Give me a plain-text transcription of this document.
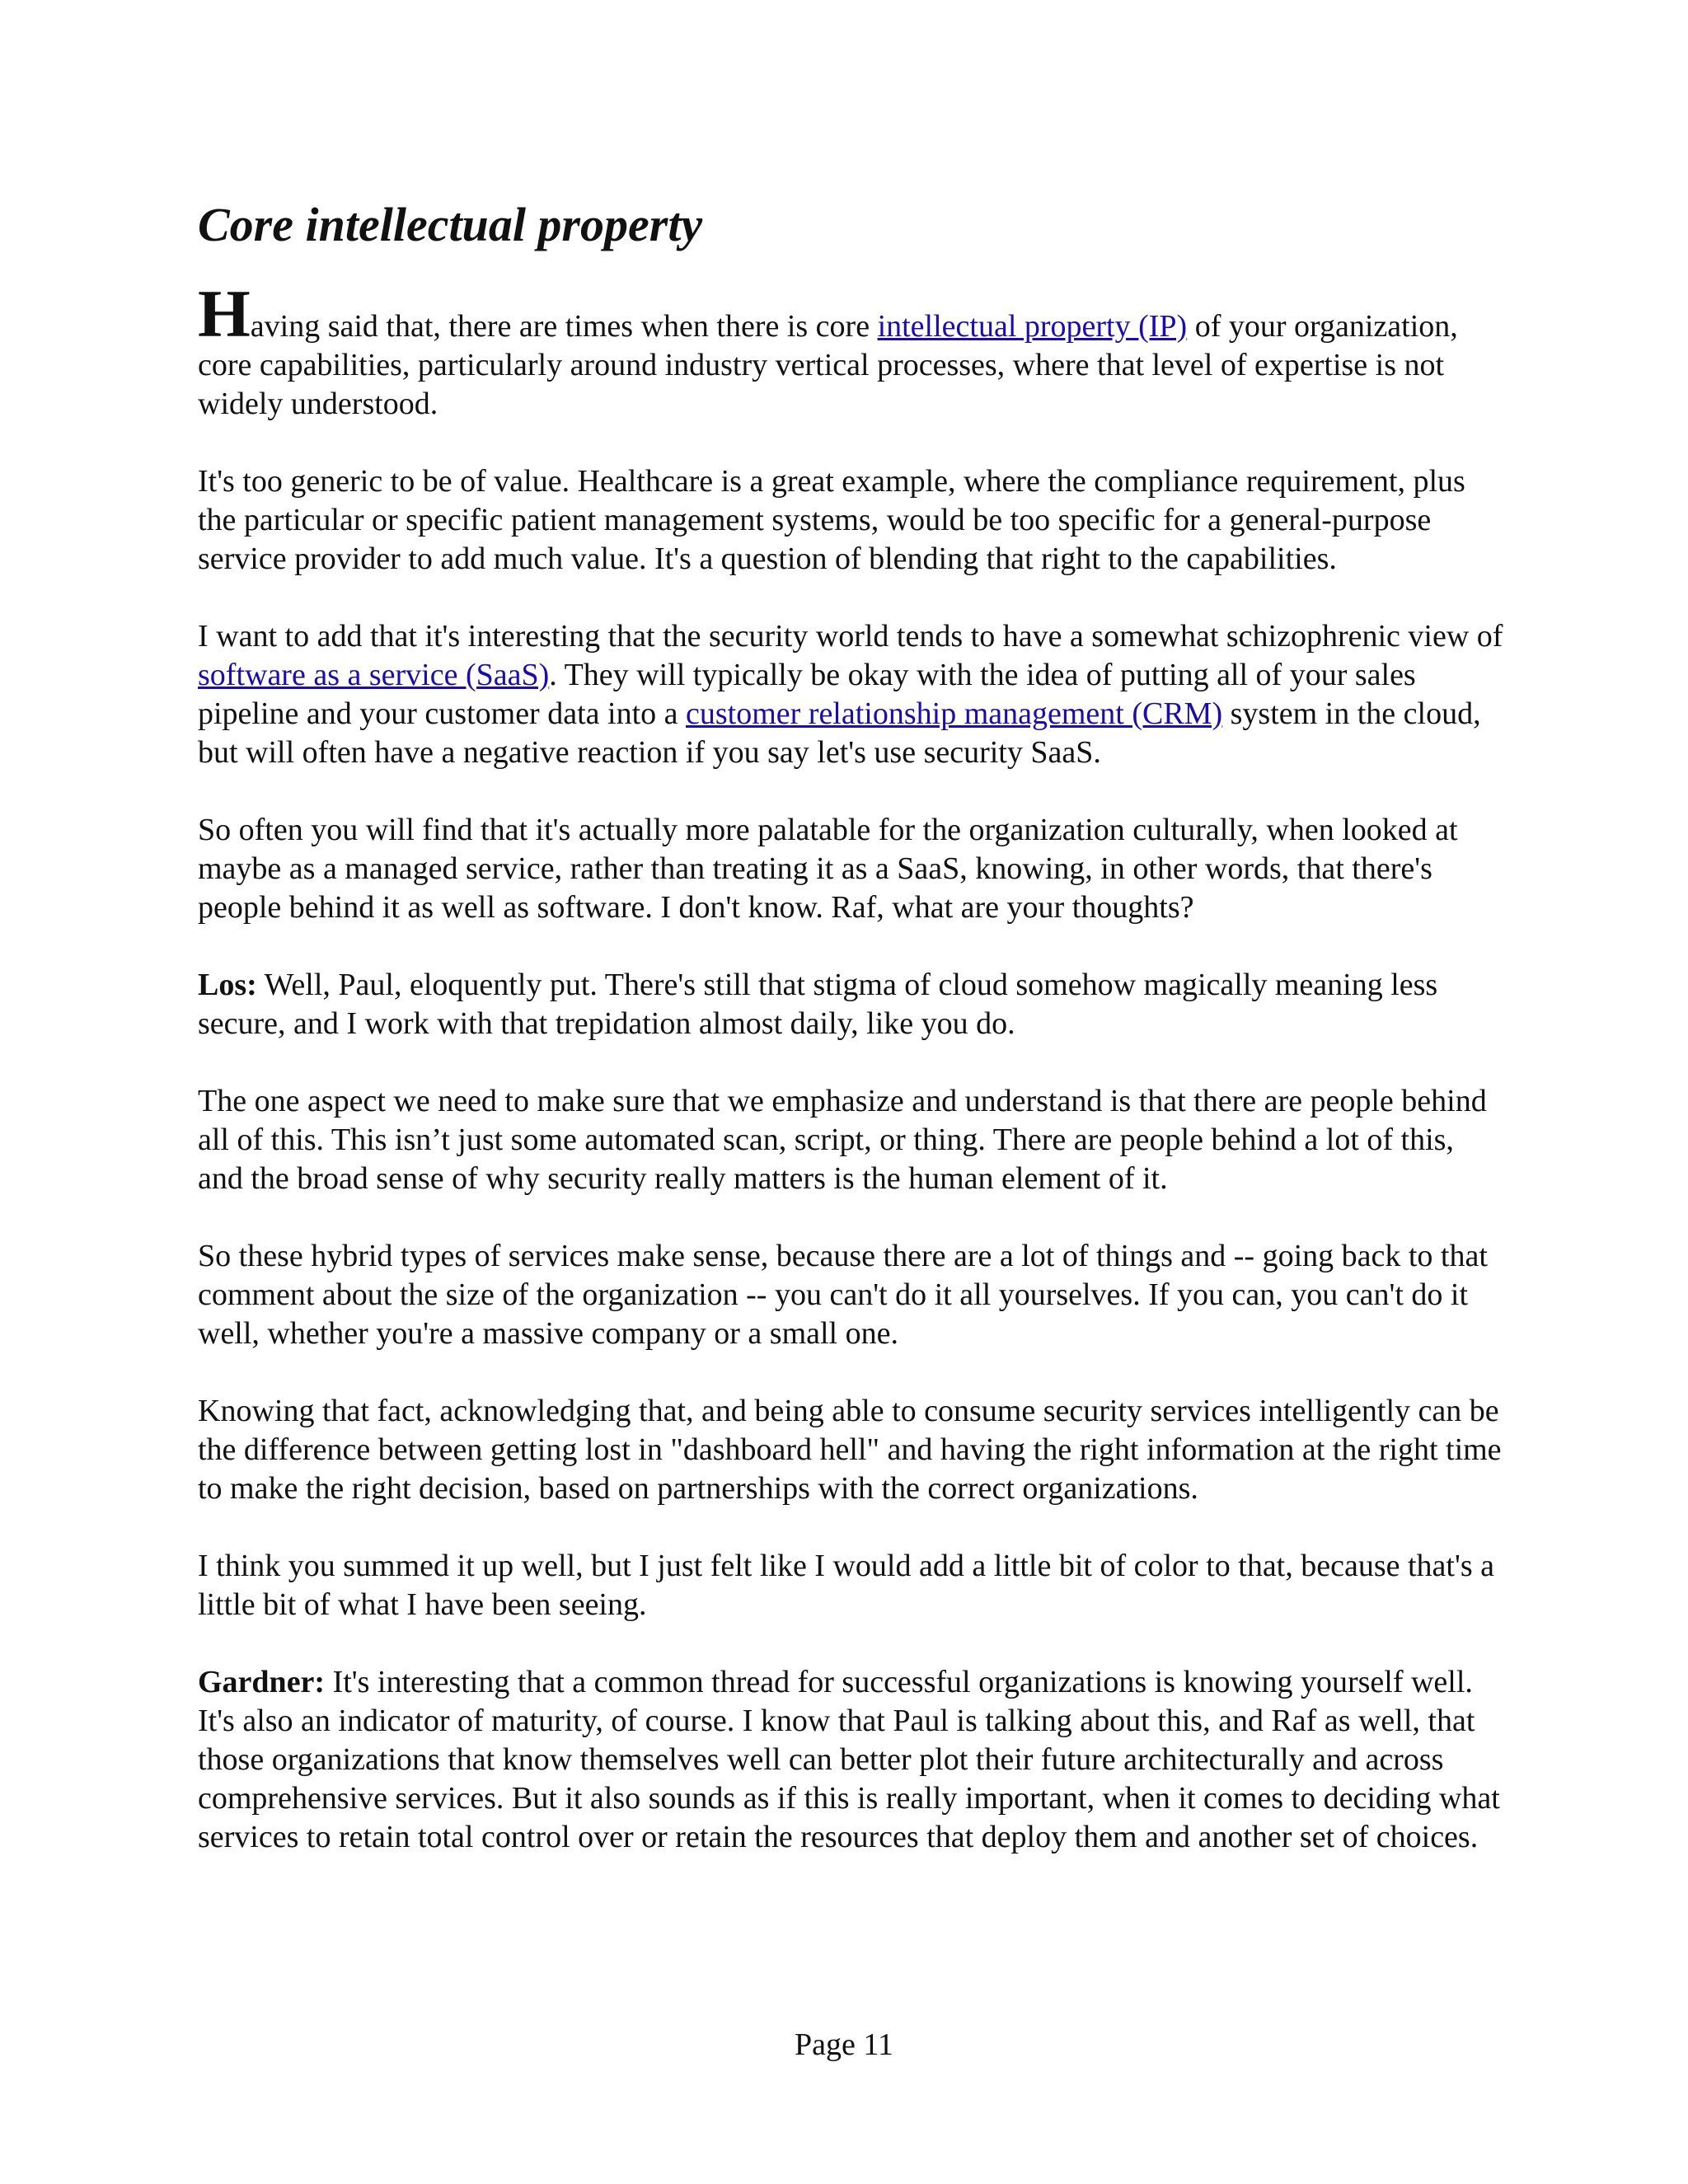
Core intellectual property

Having said that, there are times when there is core intellectual property (IP) of your organization, core capabilities, particularly around industry vertical processes, where that level of expertise is not widely understood.

It's too generic to be of value. Healthcare is a great example, where the compliance requirement, plus the particular or specific patient management systems, would be too specific for a general-purpose service provider to add much value. It's a question of blending that right to the capabilities.

I want to add that it's interesting that the security world tends to have a somewhat schizophrenic view of software as a service (SaaS). They will typically be okay with the idea of putting all of your sales pipeline and your customer data into a customer relationship management (CRM) system in the cloud, but will often have a negative reaction if you say let's use security SaaS.

So often you will find that it's actually more palatable for the organization culturally, when looked at maybe as a managed service, rather than treating it as a SaaS, knowing, in other words, that there's people behind it as well as software. I don't know. Raf, what are your thoughts?

Los: Well, Paul, eloquently put. There's still that stigma of cloud somehow magically meaning less secure, and I work with that trepidation almost daily, like you do.

The one aspect we need to make sure that we emphasize and understand is that there are people behind all of this. This isn’t just some automated scan, script, or thing. There are people behind a lot of this, and the broad sense of why security really matters is the human element of it.

So these hybrid types of services make sense, because there are a lot of things and -- going back to that comment about the size of the organization -- you can't do it all yourselves. If you can, you can't do it well, whether you're a massive company or a small one.

Knowing that fact, acknowledging that, and being able to consume security services intelligently can be the difference between getting lost in "dashboard hell" and having the right information at the right time to make the right decision, based on partnerships with the correct organizations.

I think you summed it up well, but I just felt like I would add a little bit of color to that, because that's a little bit of what I have been seeing.

Gardner: It's interesting that a common thread for successful organizations is knowing yourself well. It's also an indicator of maturity, of course. I know that Paul is talking about this, and Raf as well, that those organizations that know themselves well can better plot their future architecturally and across comprehensive services. But it also sounds as if this is really important, when it comes to deciding what services to retain total control over or retain the resources that deploy them and another set of choices.

Page 11
